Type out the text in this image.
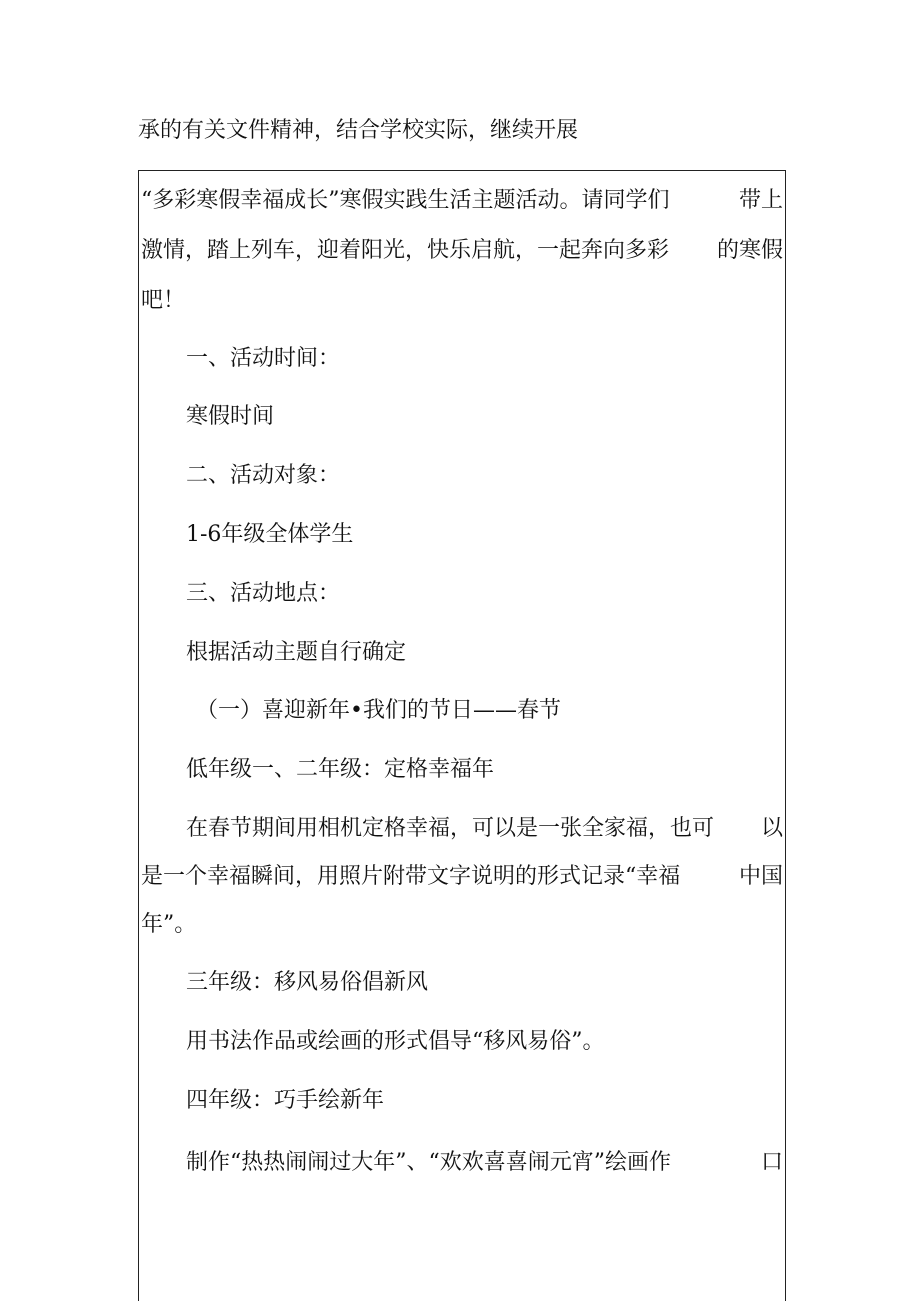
承的有关文件精神，结合学校实际，继续开展
“多彩寒假幸福成长”寒假实践生活主题活动。请同学们	带上
激情，踏上列车，迎着阳光，快乐启航，一起奔向多彩 的寒假
吧！
一、活动时间：
寒假时间
二、活动对象：
1-6年级全体学生
三、活动地点：
根据活动主题自行确定
（一）喜迎新年•我们的节日——春节
低年级一、二年级：定格幸福年
在春节期间用相机定格幸福，可以是一张全家福，也可 以
是一个幸福瞬间，用照片附带文字说明的形式记录“幸福	中国
年”。
三年级：移风易俗倡新风
用书法作品或绘画的形式倡导“移风易俗”。
四年级：巧手绘新年
制作“热热闹闹过大年”、“欢欢喜喜闹元宵”绘画作	口
